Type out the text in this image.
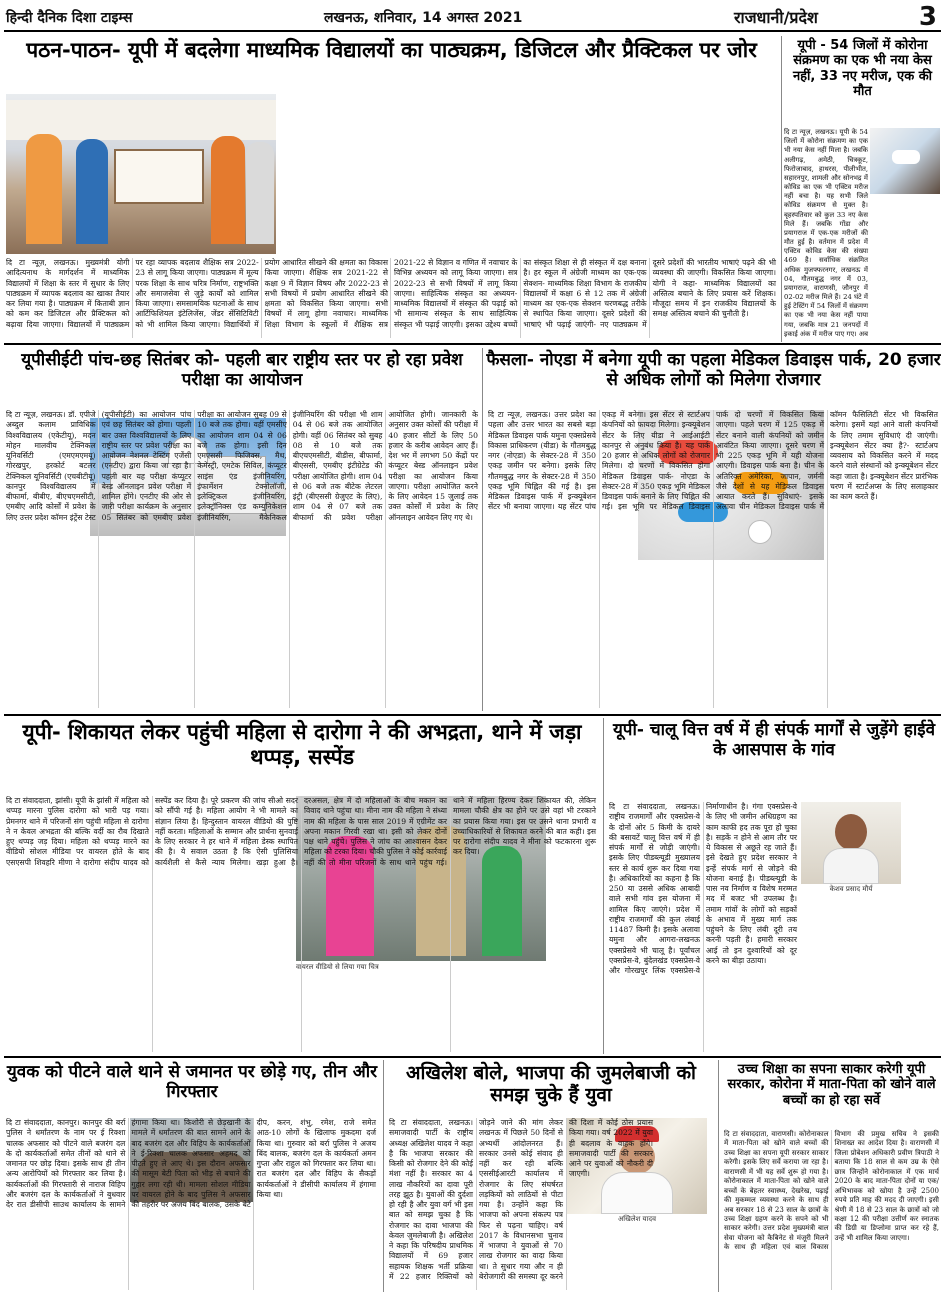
हिन्दी दैनिक दिशा टाइम्स	लखनऊ, शनिवार, 14 अगस्त 2021	राजधानी/प्रदेश	3
पठन-पाठन- यूपी में बदलेगा माध्यमिक विद्यालयों का पाठ्यक्रम, डिजिटल और प्रैक्टिकल पर जोर
दि टा न्यूज़, लखनऊ। मुख्यमंत्री योगी आदित्यनाथ के मार्गदर्शन में माध्यमिक विद्यालयों में शिक्षा के स्तर में सुधार के लिए पाठ्यक्रम में व्यापक बदलाव का खाका तैयार कर लिया गया है। पाठ्यक्रम में किताबी ज्ञान को कम कर डिजिटल और प्रैक्टिकल को बढ़ावा दिया जाएगा। विद्यालयों में पाठ्यक्रम पर रहा व्यापक बदलाव शैक्षिक सत्र 2022-23 से लागू किया जाएगा। पाठ्यक्रम में मूल्य परक शिक्षा के साथ चरित्र निर्माण, राष्ट्रभक्ति और समाजसेवा से जुड़े कार्यों को शामिल किया जाएगा। समसामयिक घटनाओं के साथ आर्टिफिशियल इंटेलिजेंस, जेंडर सेंसिटिविटी को भी शामिल किया जाएगा। विद्यार्थियों में प्रयोग आधारित सीखने की क्षमता का विकास किया जाएगा। शैक्षिक सत्र 2021-22 से कक्षा 9 में विज्ञान विषय और 2022-23 से सभी विषयों में प्रयोग आधारित सीखने की क्षमता को विकसित किया जाएगा। सभी विषयों में लागू होगा नवाचार। माध्यमिक शिक्षा विभाग के स्कूलों में शैक्षिक सत्र 2021-22 से विज्ञान व गणित में नवाचार के विभिन्न अध्ययन को लागू किया जाएगा। सत्र 2022-23 से सभी विषयों में लागू किया जाएगा। साहित्यिक संस्कृत का अध्ययन- माध्यमिक विद्यालयों में संस्कृत की पढ़ाई को भी सामान्य संस्कृत के साथ साहित्यिक संस्कृत भी पढ़ाई जाएगी। इसका उद्देश्य बच्चों का संस्कृत शिक्षा से ही संस्कृत में दक्ष बनाना है। हर स्कूल में अंग्रेजी माध्यम का एक-एक सेक्शन- माध्यमिक शिक्षा विभाग के राजकीय विद्यालयों में कक्षा 6 से 12 तक में अंग्रेजी माध्यम का एक-एक सेक्शन चरणबद्ध तरीके से स्थापित किया जाएगा। दूसरे प्रदेशों की भाषाएं भी पढ़ाई जाएंगी- नए पाठ्यक्रम में दूसरे प्रदेशों की भारतीय भाषाएं पढ़ने की भी व्यवस्था की जाएगी। विकसित किया जाएगा। योगी ने कहा- माध्यमिक विद्यालयों का अस्तित्व बचाने के लिए प्रयास करें शिक्षक। मौजूदा समय में इन राजकीय विद्यालयों के समक्ष अस्तित्व बचाने की चुनौती है।
यूपी - 54 जिलों में कोरोना संक्रमण का एक भी नया केस नहीं, 33 नए मरीज, एक की मौत
दि टा न्यूज़, लखनऊ। यूपी के 54 जिलों में कोरोना संक्रमण का एक भी नया केस नहीं मिला है। जबकि अलीगढ़, अमेठी, चित्रकूट, फिरोजाबाद, हाथरस, पीलीभीत, सहारनपुर, शामली और सोनभद्र में कोविड का एक भी एक्टिव मरीज नहीं बचा है। यह सभी जिले कोविड संक्रमण से मुक्त है। बृहस्पतिवार को कुल 33 नए केस मिले हैं। जबकि गोंडा और प्रयागराज में एक-एक मरीजों की मौत हुई है। वर्तमान में प्रदेश में एक्टिव कोविड केस की संख्या 469 है। सर्वाधिक संक्रमित अधिक मुजफ्फरनगर, लखनऊ में 04, गौतमबुद्ध नगर में 03, प्रयागराज, वाराणसी, जौनपुर में 02-02 मरीज मिले हैं। 24 घंटे में हुई टेस्टिंग में 54 जिलों में संक्रमण का एक भी नया केस नहीं पाया गया, जबकि मात्र 21 जनपदों में इकाई अंक में मरीज पाए गए। अब
यूपीसीईटी पांच-छह सितंबर को- पहली बार राष्ट्रीय स्तर पर हो रहा प्रवेश परीक्षा का आयोजन
दि टा न्यूज़, लखनऊ। डॉ. एपीजे अब्दुल कलाम प्राविधिक विश्वविद्यालय (एकेटीयू), मदन मोहन मालवीय टेक्निकल यूनिवर्सिटी (एमएमएमयू) गोरखपुर, हरकोर्ट बटलर टेक्निकल यूनिवर्सिटी (एचबीटीयू) कानपुर विश्वविद्यालय में बीफार्मा, बीबीए, बीएचएमसीटी, एमबीए आदि कोर्सों में प्रवेश के लिए उत्तर प्रदेश कॉमन इंट्रेंस टेस्ट (यूपीसीईटी) का आयोजन पांच एवं छह सितंबर को होगा। पहली बार उक्त विश्वविद्यालयों के लिए राष्ट्रीय स्तर पर प्रवेश परीक्षा का आयोजन नेशनल टेस्टिंग एजेंसी (एनटीए) द्वारा किया जा रहा है। पहली बार यह परीक्षा कंप्यूटर बेस्ड ऑनलाइन प्रवेश परीक्षा में शामिल होंगे। एनटीए की ओर से जारी परीक्षा कार्यक्रम के अनुसार 05 सितंबर को एमबीए प्रवेश परीक्षा का आयोजन सुबह 09 से 10 बजे तक होगा। वहीं एमसीए का आयोजन शाम 04 से 06 बजे तक होगा। इसी दिन एमएससी फिजिक्स, मैथ, केमेस्ट्री, एमटेक सिविल, कंप्यूटर साइंस एंड इंजीनियरिंग, इंफार्मेशन टेक्नोलॉजी, इलेक्ट्रिकल इंजीनियरिंग, इलेक्ट्रॉनिक्स एंड कम्युनिकेशन इंजीनियरिंग, मैकेनिकल इंजीनियरिंग की परीक्षा भी शाम 04 से 06 बजे तक आयोजित होगी। वहीं 06 सितंबर को सुबह 08 से 10 बजे तक बीएचएमसीटी, बीडीस, बीफार्मा, बीएससी, एमबीए इंटीग्रेटेड की परीक्षा आयोजित होगी। शाम 04 से 06 बजे तक बीटेक लेटरल इंट्री (बीएससी ग्रेजुएट के लिए), शाम 04 से 07 बजे तक बीफार्मा की प्रवेश परीक्षा आयोजित होगी। जानकारी के अनुसार उक्त कोर्सों की परीक्षा में 40 हजार सीटों के लिए 50 हजार के करीब आवेदन आए हैं। देश भर में लगभग 50 केंद्रों पर कंप्यूटर बेस्ड ऑनलाइन प्रवेश परीक्षा का आयोजन किया जाएगा। परीक्षा आयोजित करने के लिए आवेदन 15 जुलाई तक उक्त कोर्सों में प्रवेश के लिए ऑनलाइन आवेदन लिए गए थे।
फैसला- नोएडा में बनेगा यूपी का पहला मेडिकल डिवाइस पार्क, 20 हजार से अधिक लोगों को मिलेगा रोजगार
दि टा न्यूज़, लखनऊ। उत्तर प्रदेश का पहला और उत्तर भारत का सबसे बड़ा मेडिकल डिवाइस पार्क यमुना एक्सप्रेसवे विकास प्राधिकरण (यीडा) के गौतमबुद्ध नगर (नोएडा) के सेक्टर-28 में 350 एकड़ जमीन पर बनेगा। इसके लिए गौतमबुद्ध नगर के सेक्टर-28 में 350 एकड़ भूमि चिह्नित की गई है। इस मेडिकल डिवाइस पार्क में इन्क्यूबेशन सेंटर भी बनाया जाएगा। यह सेंटर पांच एकड़ में बनेगा। इस सेंटर से स्टार्टअप कंपनियों को फायदा मिलेगा। इन्क्यूबेशन सेंटर के लिए यीडा ने आईआईटी कानपुर से अनुबंध किया है। यह पार्क 20 हजार से अधिक लोगों को रोजगार मिलेगा। दो चरणों में विकसित होगा मेडिकल डिवाइस पार्क- नोएडा के सेक्टर-28 में 350 एकड़ भूमि मेडिकल डिवाइस पार्क बनाने के लिए चिह्नित की गई। इस भूमि पर मेडिकल डिवाइस पार्क दो चरणों में विकसित किया जाएगा। पहले चरण में 125 एकड़ में सेंटर बनाने वाली कंपनियों को जमीन आवंटित किया जाएगा। दूसरे चरण में भी 225 एकड़ भूमि में यही योजना आएगी। डिवाइस पार्क बना है। चीन के अतिरिक्त अमेरिका, जापान, जर्मनी जैसे देशों से यह मेडिकल डिवाइस आयात करते हैं। सुविधाएं- इसके अलावा चीन मेडिकल डिवाइस पार्क में कॉमन फैसिलिटी सेंटर भी विकसित करेगा। इसमें यहां आने वाली कंपनियों के लिए तमाम सुविधाएं दी जाएंगी। इन्क्यूबेशन सेंटर क्या है?- स्टार्टअप व्यवसाय को विकसित करने में मदद करने वाले संस्थानों को इन्क्यूबेशन सेंटर कहा जाता है। इन्क्यूबेशन सेंटर प्रारंभिक चरण में स्टार्टअप्स के लिए सलाहकार का काम करते हैं।
यूपी- शिकायत लेकर पहुंची महिला से दारोगा ने की अभद्रता, थाने में जड़ा थप्पड़, सस्पेंड
वायरल वीडियो से लिया गया चित्र
दि टा संवाददाता, झांसी। यूपी के झांसी में महिला को थप्पड़ मारना पुलिस दारोगा को भारी पड़ गया। प्रेमनगर थाने में परिजनों संग पहुंची महिला से दारोगा ने न केवल अभद्रता की बल्कि वर्दी का रौब दिखाते हुए थप्पड़ जड़ दिया। महिला को थप्पड़ मारने का वीडियो सोशल मीडिया पर वायरल होते के बाद एसएसपी शिवहरि मीणा ने दारोगा संदीप यादव को सस्पेंड कर दिया है। पूरे प्रकरण की जांच सीओ सदर को सौंपी गई है। महिला आयोग ने भी मामले का संज्ञान लिया है। हिन्दुस्तान वायरल वीडियो की पुष्टि नहीं करता। महिलाओं के सम्मान और प्रार्थना सुनवाई के लिए सरकार ने हर थाने में महिला डेस्क स्थापित की है। ये सवाल उठता है कि ऐसी पुलिसिया कार्यशैली से कैसे न्याय मिलेगा। खड़ा हुआ है। दरअसल, क्षेत्र में दो महिलाओं के बीच मकान का विवाद थाने पहुंचा था। मीना नाम की महिला ने संध्या नाम की महिला के पास साल 2019 में एग्रीमेंट कर अपना मकान गिरवी रखा था। इसी को लेकर दोनों पक्ष थाने पहुंचे। पुलिस ने जांच का आश्वासन देकर महिला को टरका दिया। चौकी पुलिस ने कोई कार्रवाई नहीं की तो मीना परिजनों के साथ थाने पहुंच गई। थाने में महिला हिरण्य देकर शिकायत की, लेकिन मामला चौकी क्षेत्र का होने पर उसे वहां भी टरकाने का प्रयास किया गया। इस पर उसने थाना प्रभारी व उच्चाधिकारियों से शिकायत करने की बात कही। इस पर दारोगा संदीप यादव ने मीना को फटकारना शुरू कर दिया।
यूपी- चालू वित्त वर्ष में ही संपर्क मार्गों से जुड़ेंगे हाईवे के आसपास के गांव
केशव प्रसाद मौर्य
दि टा संवाददाता, लखनऊ। राष्ट्रीय राजमार्गों और एक्सप्रेस-वे के दोनों ओर 5 किमी के दायरे की बसावटें चालू वित्त वर्ष में ही संपर्क मार्गों से जोड़ी जाएंगी। इसके लिए पीडब्ल्यूडी मुख्यालय स्तर से कार्य शुरू कर दिया गया है। अधिकारियों का कहना है कि 250 या उससे अधिक आबादी वाले सभी गांव इस योजना में शामिल किए जाएंगे। प्रदेश में राष्ट्रीय राजमार्गों की कुल लंबाई 11487 किमी है। इसके अलावा यमुना और आगरा-लखनऊ एक्सप्रेसवे भी चालू है। पूर्वांचल एक्सप्रेस-वे, बुंदेलखंड एक्सप्रेस-वे और गोरखपुर लिंक एक्सप्रेस-वे निर्माणाधीन है। गंगा एक्सप्रेस-वे के लिए भी जमीन अधिग्रहण का काम काफी हद तक पूरा हो चुका है। सड़कें न होने से आम तौर पर ये विकास से अछूते रह जाते हैं। इसे देखते हुए प्रदेश सरकार ने इन्हें संपर्क मार्ग से जोड़ने की योजना बनाई है। पीडब्ल्यूडी के पास नव निर्माण व विशेष मरम्मत मद में बजट भी उपलब्ध है। तमाम गांवों के लोगों को सड़कों के अभाव में मुख्य मार्ग तक पहुंचने के लिए लंबी दूरी तय करनी पड़ती है। हमारी सरकार आई तो इन दुश्वारियों को दूर करने का बीड़ा उठाया।
युवक को पीटने वाले थाने से जमानत पर छोड़े गए, तीन और गिरफ्तार
दि टा संवाददाता, कानपुर। कानपुर की बर्रा पुलिस ने धर्मांतरण के नाम पर ई रिक्शा चालक अफसार को पीटने वाले बजरंग दल के दो कार्यकर्ताओं समेत तीनों को थाने से जमानत पर छोड़ दिया। इसके साथ ही तीन अन्य आरोपियों को गिरफ्तार कर लिया है। कार्यकर्ताओं की गिरफ्तारी से नाराज विहिप और बजरंग दल के कार्यकर्ताओं ने बुधवार देर रात डीसीपी साउथ कार्यालय के सामने हंगामा किया था। किशोरी से छेड़खानी के मामले में धर्मांतरण की बात सामने आने के बाद बजरंग दल और विहिप के कार्यकर्ताओं ने ई-रिक्शा चालक अफसार अहमद को पीटते हुए ले आए थे। इस दौरान अफसार की मासूम बेटी पिता को भीड़ से बचाने की गुहार लगा रही थी। मामला सोशल मीडिया पर वायरल होने के बाद पुलिस ने अफसार की तहरीर पर अजय बिंद बालक, उसके बेटे दीप, करन, शंभु, रमेश, राजे समेत आठ-10 लोगों के खिलाफ मुकदमा दर्ज किया था। गुरुवार को बर्रा पुलिस ने अजय बिंद बालक, बजरंग दल के कार्यकर्ता अमन गुप्ता और राहुल को गिरफ्तार कर लिया था। रात बजरंग दल और विहिप के सैकड़ों कार्यकर्ताओं ने डीसीपी कार्यालय में हंगामा किया था।
अखिलेश बोले, भाजपा की जुमलेबाजी को समझ चुके हैं युवा
अखिलेश यादव
दि टा संवाददाता, लखनऊ। समाजवादी पार्टी के राष्ट्रीय अध्यक्ष अखिलेश यादव ने कहा है कि भाजपा सरकार की किसी को रोजगार देने की कोई मंशा नहीं है। सरकार का 4 लाख नौकरियों का दावा पूरी तरह झूठ है। युवाओं की दुर्दशा हो रही है और युवा वर्ग भी इस बात को समझ चुका है कि रोजगार का दावा भाजपा की केवल जुमलेबाजी है। अखिलेश ने कहा कि परिषदीय प्राथमिक विद्यालयों में 69 हजार सहायक शिक्षक भर्ती प्रक्रिया में 22 हजार रिक्तियों को जोड़ने जाने की मांग लेकर लखनऊ में पिछले 50 दिनों से अभ्यर्थी आंदोलनरत हैं। सरकार उनसे कोई संवाद ही नहीं कर रही बल्कि एससीईआरटी कार्यालय में रोजगार के लिए संघर्षरत लड़कियों को लाठियों से पीटा गया है। उन्होंने कहा कि भाजपा को अपना संकल्प पत्र फिर से पढ़ना चाहिए। वर्ष 2017 के विधानसभा चुनाव में भाजपा ने युवाओं से 70 लाख रोजगार का वादा किया था। ते सुधार गया और न ही बेरोजगारी की समस्या दूर करने
उच्च शिक्षा का सपना साकार करेगी यूपी सरकार, कोरोना में माता-पिता को खोने वाले बच्चों का हो रहा सर्वे
दि टा संवाददाता, वाराणसी। कोरोनाकाल में माता-पिता को खोने वाले बच्चों की उच्च शिक्षा का सपना यूपी सरकार साकार करेगी। इसके लिए सर्वे कराया जा रहा है। वाराणसी में भी यह सर्वे शुरू हो गया है। कोरोनाकाल में माता-पिता को खोने वाले बच्चों के बेहतर स्वास्थ्य, देखरेख, पढ़ाई की मुकम्मल व्यवस्था करने के साथ ही अब सरकार 18 से 23 साल के छात्रों के उच्च शिक्षा ग्रहण करने के सपने को भी साकार करेगी। उत्तर प्रदेश मुख्यमंत्री बाल सेवा योजना को कैबिनेट से मंजूरी मिलने के साथ ही महिला एवं बाल विकास विभाग की प्रमुख सचिव ने इसकी शिनाख्त का आदेश दिया है। वाराणसी में जिला प्रोबेशन अधिकारी प्रवीण त्रिपाठी ने बताया कि 18 साल से कम उम्र के ऐसे छात्र जिन्होंने कोरोनाकाल में एक मार्च 2020 के बाद माता-पिता दोनों या एक/अभिभावक को खोया है उन्हें 2500 रुपये प्रति माह की मदद दी जाएगी। इसी श्रेणी में 18 से 23 साल के छात्रों को जो कक्षा 12 की परीक्षा उत्तीर्ण कर स्नातक की डिग्री या डिप्लोमा प्राप्त कर रहे हैं, उन्हें भी शामिल किया जाएगा।
